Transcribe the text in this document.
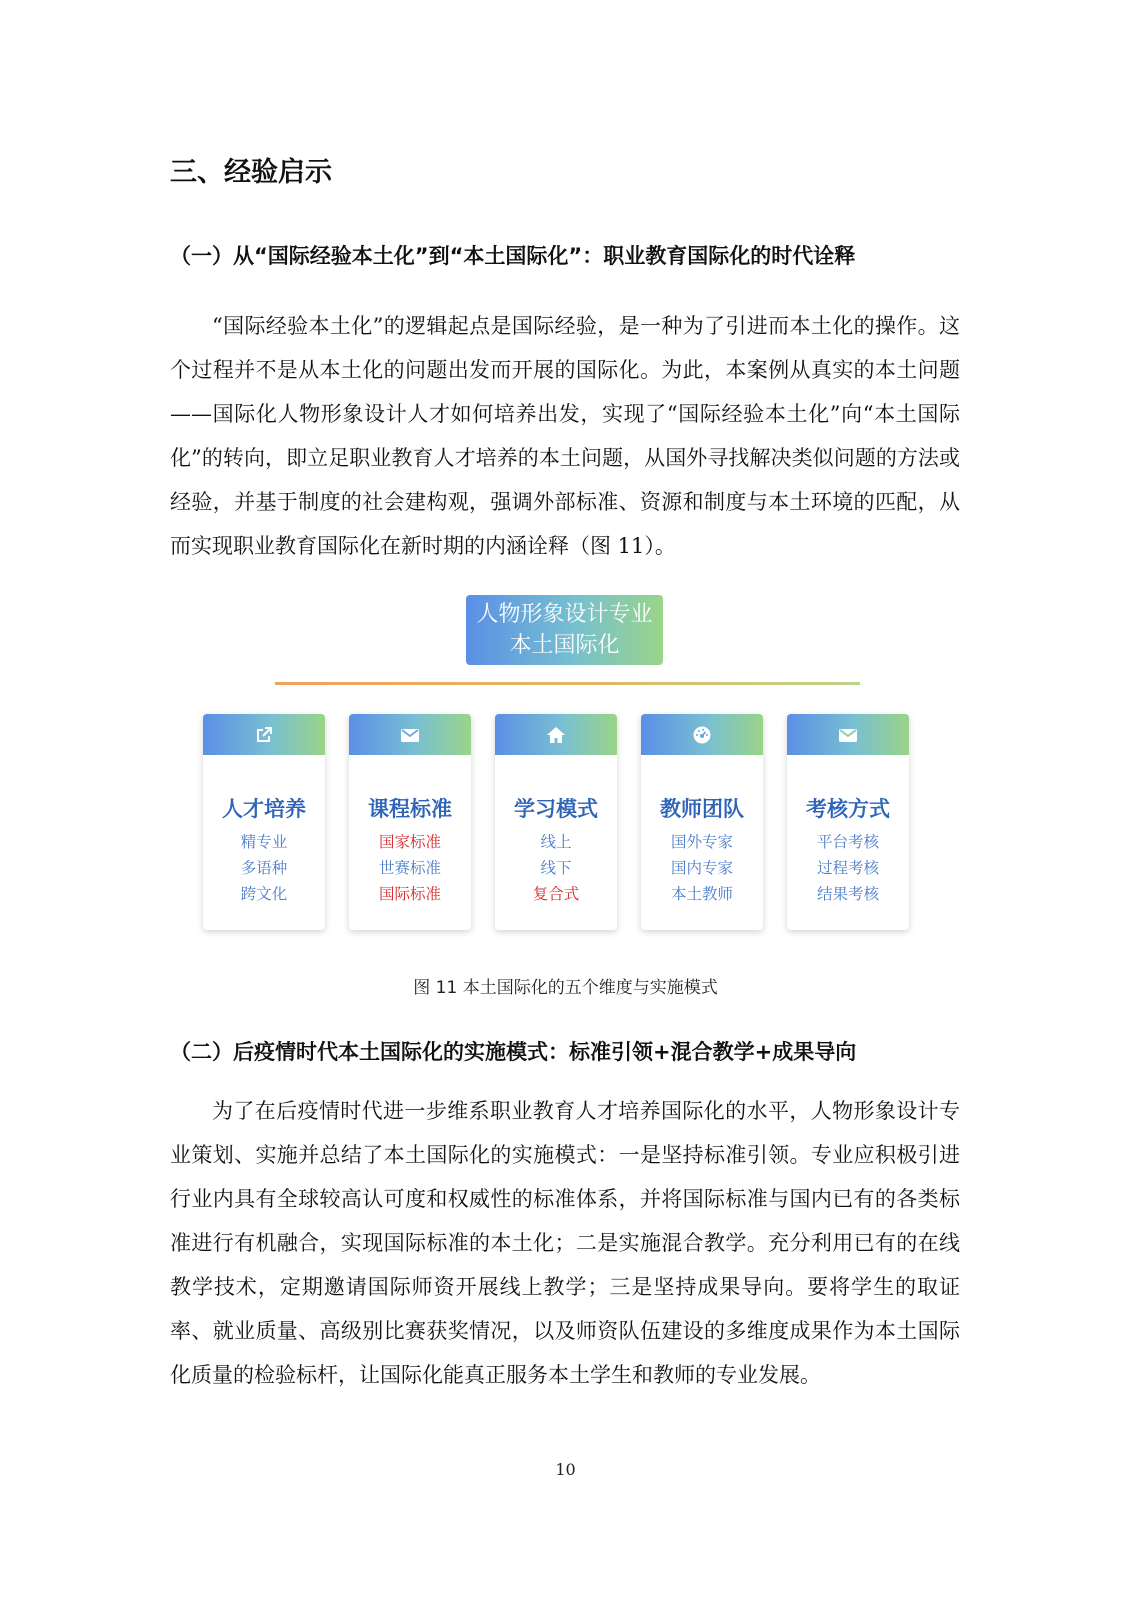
三、经验启示
（一）从“国际经验本土化”到“本土国际化”：职业教育国际化的时代诠释

“国际经验本土化”的逻辑起点是国际经验，是一种为了引进而本土化的操作。这个过程并不是从本土化的问题出发而开展的国际化。为此，本案例从真实的本土问题——国际化人物形象设计人才如何培养出发，实现了“国际经验本土化”向“本土国际化”的转向，即立足职业教育人才培养的本土问题，从国外寻找解决类似问题的方法或经验，并基于制度的社会建构观，强调外部标准、资源和制度与本土环境的匹配，从而实现职业教育国际化在新时期的内涵诠释（图 11）。

人物形象设计专业
本土国际化
人才培养
精专业
多语种
跨文化
课程标准
国家标准
世赛标准
国际标准
学习模式
线上
线下
复合式
教师团队
国外专家
国内专家
本土教师
考核方式
平台考核
过程考核
结果考核
图 11 本土国际化的五个维度与实施模式
（二）后疫情时代本土国际化的实施模式：标准引领+混合教学+成果导向

为了在后疫情时代进一步维系职业教育人才培养国际化的水平，人物形象设计专业策划、实施并总结了本土国际化的实施模式：一是坚持标准引领。专业应积极引进行业内具有全球较高认可度和权威性的标准体系，并将国际标准与国内已有的各类标准进行有机融合，实现国际标准的本土化；二是实施混合教学。充分利用已有的在线教学技术，定期邀请国际师资开展线上教学；三是坚持成果导向。要将学生的取证率、就业质量、高级别比赛获奖情况，以及师资队伍建设的多维度成果作为本土国际化质量的检验标杆，让国际化能真正服务本土学生和教师的专业发展。

10
